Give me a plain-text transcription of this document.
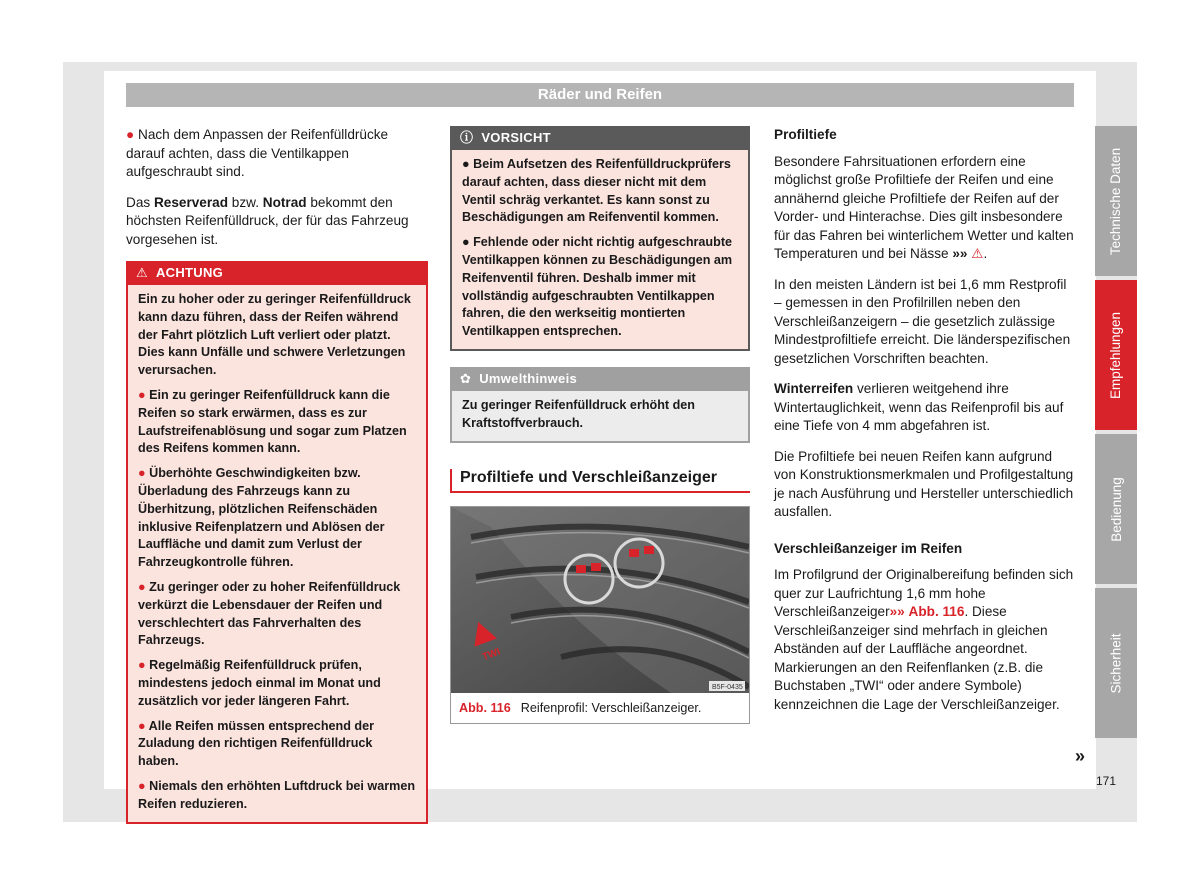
Räder und Reifen
● Nach dem Anpassen der Reifenfülldrücke darauf achten, dass die Ventilkappen aufgeschraubt sind.
Das Reserverad bzw. Notrad bekommt den höchsten Reifenfülldruck, der für das Fahrzeug vorgesehen ist.
⚠ ACHTUNG
Ein zu hoher oder zu geringer Reifenfülldruck kann dazu führen, dass der Reifen während der Fahrt plötzlich Luft verliert oder platzt. Dies kann Unfälle und schwere Verletzungen verursachen.
● Ein zu geringer Reifenfülldruck kann die Reifen so stark erwärmen, dass es zur Laufstreifenablösung und sogar zum Platzen des Reifens kommen kann.
● Überhöhte Geschwindigkeiten bzw. Überladung des Fahrzeugs kann zu Überhitzung, plötzlichen Reifenschäden inklusive Reifenplatzern und Ablösen der Lauffläche und damit zum Verlust der Fahrzeugkontrolle führen.
● Zu geringer oder zu hoher Reifenfülldruck verkürzt die Lebensdauer der Reifen und verschlechtert das Fahrverhalten des Fahrzeugs.
● Regelmäßig Reifenfülldruck prüfen, mindestens jedoch einmal im Monat und zusätzlich vor jeder längeren Fahrt.
● Alle Reifen müssen entsprechend der Zuladung den richtigen Reifenfülldruck haben.
● Niemals den erhöhten Luftdruck bei warmen Reifen reduzieren.
ⓘ VORSICHT
● Beim Aufsetzen des Reifenfülldruckprüfers darauf achten, dass dieser nicht mit dem Ventil schräg verkantet. Es kann sonst zu Beschädigungen am Reifenventil kommen.
● Fehlende oder nicht richtig aufgeschraubte Ventilkappen können zu Beschädigungen am Reifenventil führen. Deshalb immer mit vollständig aufgeschraubten Ventilkappen fahren, die den werkseitig montierten Ventilkappen entsprechen.
✿ Umwelthinweis
Zu geringer Reifenfülldruck erhöht den Kraftstoffverbrauch.
Profiltiefe und Verschleißanzeiger
TWI
B5F-0435
Abb. 116 Reifenprofil: Verschleißanzeiger.
Profiltiefe
Besondere Fahrsituationen erfordern eine möglichst große Profiltiefe der Reifen und eine annähernd gleiche Profiltiefe der Reifen auf der Vorder- und Hinterachse. Dies gilt insbesondere für das Fahren bei winterlichem Wetter und kalten Temperaturen und bei Nässe »» ⚠.
In den meisten Ländern ist bei 1,6 mm Restprofil – gemessen in den Profilrillen neben den Verschleißanzeigern – die gesetzlich zulässige Mindestprofiltiefe erreicht. Die länderspezifischen gesetzlichen Vorschriften beachten.
Winterreifen verlieren weitgehend ihre Wintertauglichkeit, wenn das Reifenprofil bis auf eine Tiefe von 4 mm abgefahren ist.
Die Profiltiefe bei neuen Reifen kann aufgrund von Konstruktionsmerkmalen und Profilgestaltung je nach Ausführung und Hersteller unterschiedlich ausfallen.
Verschleißanzeiger im Reifen
Im Profilgrund der Originalbereifung befinden sich quer zur Laufrichtung 1,6 mm hohe Verschleißanzeiger»» Abb. 116. Diese Verschleißanzeiger sind mehrfach in gleichen Abständen auf der Lauffläche angeordnet. Markierungen an den Reifenflanken (z.B. die Buchstaben „TWI“ oder andere Symbole) kennzeichnen die Lage der Verschleißanzeiger.
»
171
Technische Daten
Empfehlungen
Bedienung
Sicherheit
